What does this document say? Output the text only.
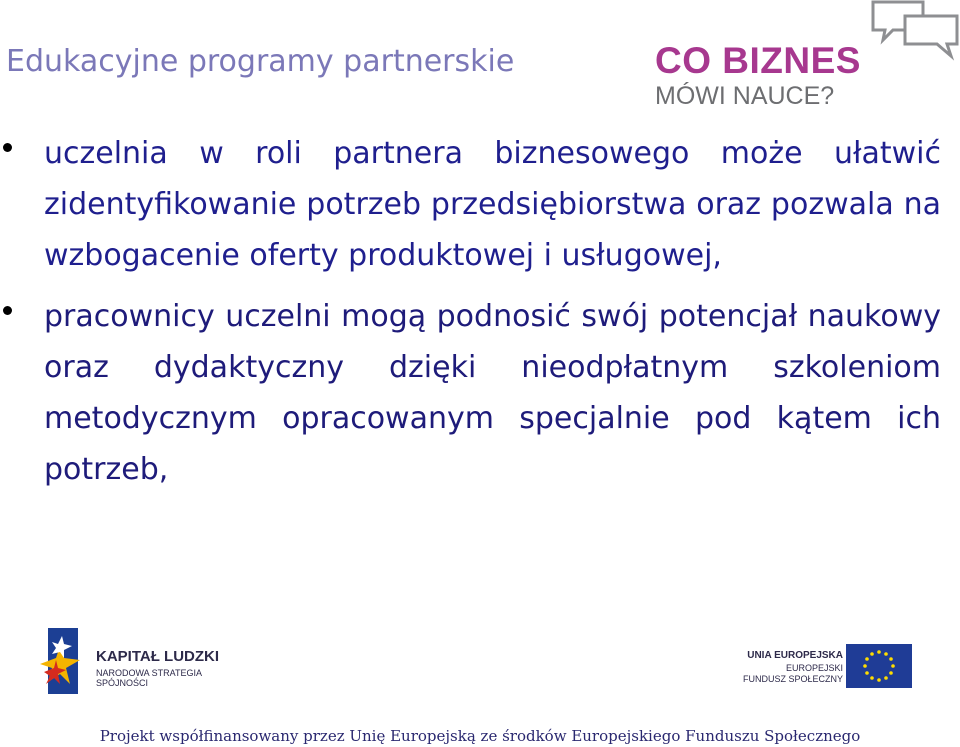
Edukacyjne programy partnerskie	CO BIZNES
MÓWI NAUCE?
uczelnia w roli partnera biznesowego może ułatwić zidentyfikowanie potrzeb przedsiębiorstwa oraz pozwala na wzbogacenie oferty produktowej i usługowej,
pracownicy uczelni mogą podnosić swój potencjał naukowy oraz dydaktyczny dzięki nieodpłatnym szkoleniom metodycznym opracowanym specjalnie pod kątem ich potrzeb,
KAPITAŁ LUDZKI
NARODOWA STRATEGIA SPÓJNOŚCI
UNIA EUROPEJSKA
EUROPEJSKI
FUNDUSZ SPOŁECZNY
Projekt współfinansowany przez Unię Europejską ze środków Europejskiego Funduszu Społecznego
